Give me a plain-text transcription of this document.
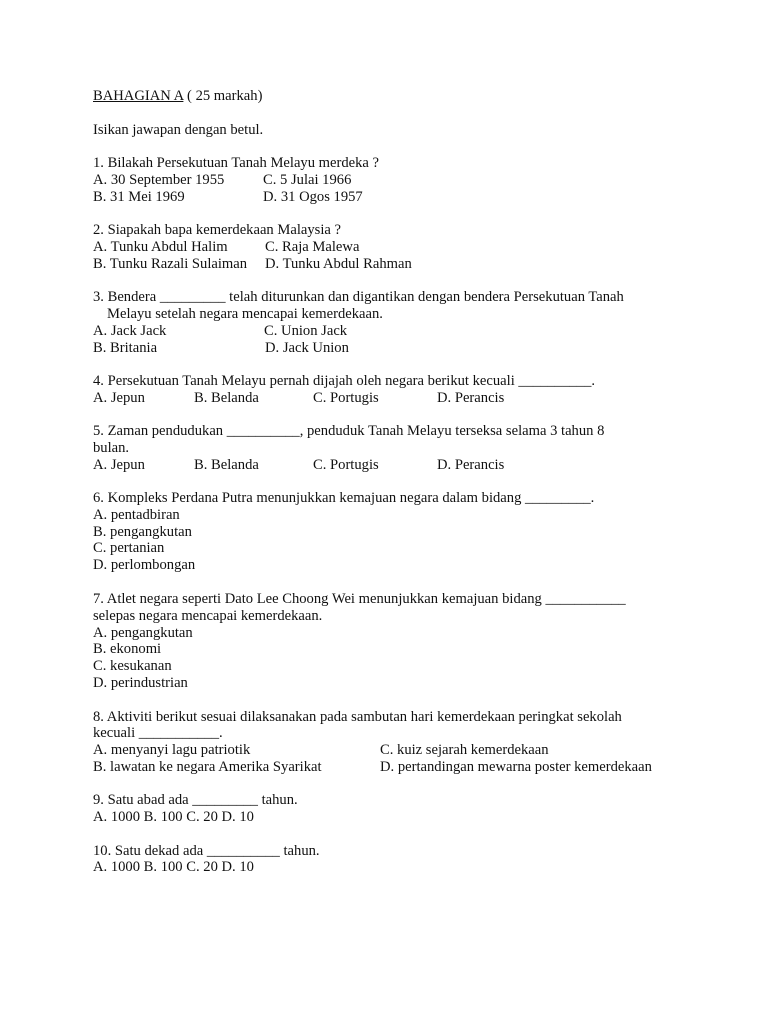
BAHAGIAN A ( 25 markah)
Isikan jawapan dengan betul.
1. Bilakah Persekutuan Tanah Melayu merdeka ?
A. 30 September 1955	C. 5 Julai 1966
B. 31 Mei 1969	D. 31 Ogos 1957
2. Siapakah bapa kemerdekaan Malaysia ?
A. Tunku Abdul Halim	C. Raja Malewa
B. Tunku Razali Sulaiman D. Tunku Abdul Rahman
3. Bendera _________ telah diturunkan dan digantikan dengan bendera Persekutuan Tanah
Melayu setelah negara mencapai kemerdekaan.
A. Jack Jack	C. Union Jack
B. Britania	D. Jack Union
4. Persekutuan Tanah Melayu pernah dijajah oleh negara berikut kecuali __________.
A. Jepun	B. Belanda	C. Portugis	D. Perancis
5. Zaman pendudukan __________, penduduk Tanah Melayu terseksa selama 3 tahun 8
bulan.
A. Jepun	B. Belanda	C. Portugis	D. Perancis
6. Kompleks Perdana Putra menunjukkan kemajuan negara dalam bidang _________.
A. pentadbiran
B. pengangkutan
C. pertanian
D. perlombongan
7. Atlet negara seperti Dato Lee Choong Wei menunjukkan kemajuan bidang ___________
selepas negara mencapai kemerdekaan.
A. pengangkutan
B. ekonomi
C. kesukanan
D. perindustrian
8. Aktiviti berikut sesuai dilaksanakan pada sambutan hari kemerdekaan peringkat sekolah
kecuali ___________.
A. menyanyi lagu patriotik	C. kuiz sejarah kemerdekaan
B. lawatan ke negara Amerika Syarikat	D. pertandingan mewarna poster kemerdekaan
9. Satu abad ada _________ tahun.
A. 1000 B. 100 C. 20 D. 10
10. Satu dekad ada __________ tahun.
A. 1000 B. 100 C. 20 D. 10
